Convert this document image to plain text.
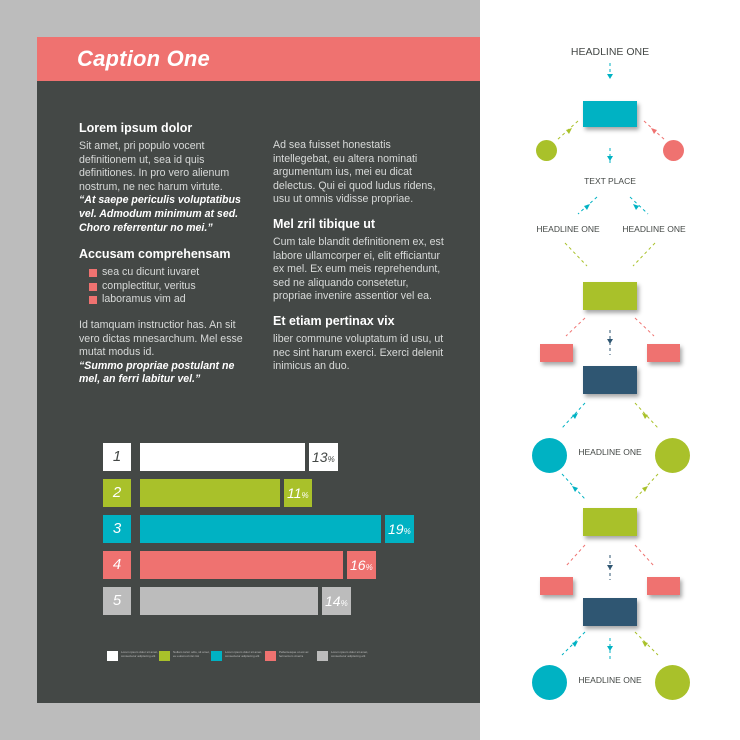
Caption One
Lorem ipsum dolor

Sit amet, pri populo vocent definitionem ut, sea id quis definitiones. In pro vero alienum nostrum, ne nec harum virtute.

“At saepe periculis voluptatibus vel. Admodum minimum at sed. Choro referrentur no mei.”

Accusam comprehensam
sea cu dicunt iuvaret
complectitur, veritus
laboramus vim ad

Id tamquam instructior has. An sit vero dictas mnesarchum. Mel esse mutat modus id.

“Summo propriae postulant ne mel, an ferri labitur vel.”

Ad sea fuisset honestatis intellegebat, eu altera nominati argumentum ius, mei eu dicat delectus. Qui ei quod ludus ridens, usu ut omnis vidisse propriae.

Mel zril tibique ut

Cum tale blandit definitionem ex, est labore ullamcorper ei, elit efficiantur ex mel. Ex eum meis reprehendunt, sed ne aliquando consetetur, propriae invenire assentior vel ea.

Et etiam pertinax vix

liber commune voluptatum id usu, ut nec sint harum exerci. Exerci delenit inimicus an duo.

1	13%
2	11%
3	19%
4	16%
5	14%
Lorem ipsum dolor sit amet, consectetur adipiscing elit
Nullam tortor odio, sit amet, eu euismod nisi nisi
Lorem ipsum dolor sit amet, consectetur adipiscing elit
Pellentesque ut est ac fermentum viverra
Lorem ipsum dolor sit amet, consectetur adipiscing elit
HEADLINE ONE
TEXT PLACE
HEADLINE ONE	HEADLINE ONE
HEADLINE ONE
HEADLINE ONE
